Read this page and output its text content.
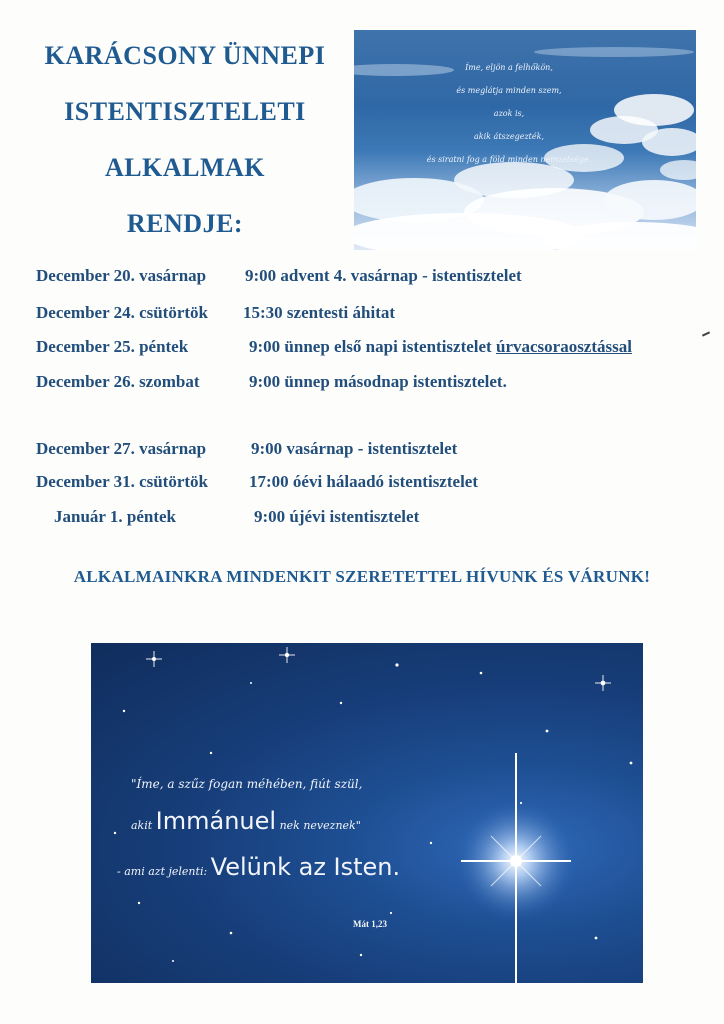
KARÁCSONY ÜNNEPI
ISTENTISZTELETI
ALKALMAK
RENDJE:
Íme, eljön a felhőkön,
és meglátja minden szem,
azok is,
akik átszegezték,
és siratni fog a föld minden nemzetsége.
December 20. vasárnap 9:00 advent 4. vasárnap - istentisztelet
December 24. csütörtök 15:30 szentesti áhitat
December 25. péntek	9:00 ünnep első napi istentisztelet úrvacsoraosztással
December 26. szombat	9:00 ünnep másodnap istentisztelet.
December 27. vasárnap	9:00 vasárnap - istentisztelet
December 31. csütörtök 17:00 óévi hálaadó istentisztelet
Január 1. péntek	9:00 újévi istentisztelet
ALKALMAINKRA MINDENKIT SZERETETTEL HÍVUNK ÉS VÁRUNK!
"Íme, a szűz fogan méhében, fiút szül,
akit Immánuel nek neveznek"
- ami azt jelenti: Velünk az Isten.
Mát 1,23
